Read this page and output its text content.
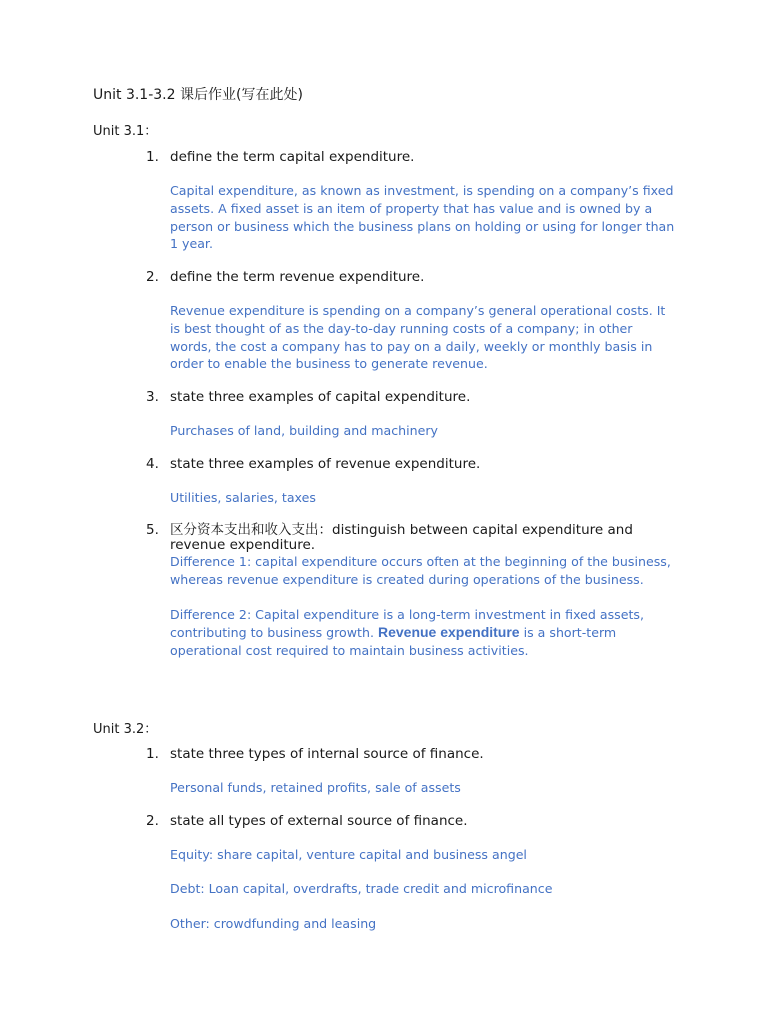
Unit 3.1-3.2 课后作业(写在此处)
Unit 3.1：
1. define the term capital expenditure.

Capital expenditure, as known as investment, is spending on a company’s fixed assets. A fixed asset is an item of property that has value and is owned by a person or business which the business plans on holding or using for longer than 1 year.

2. define the term revenue expenditure.

Revenue expenditure is spending on a company’s general operational costs. It is best thought of as the day-to-day running costs of a company; in other words, the cost a company has to pay on a daily, weekly or monthly basis in order to enable the business to generate revenue.

3. state three examples of capital expenditure.

Purchases of land, building and machinery

4. state three examples of revenue expenditure.

Utilities, salaries, taxes

5. 区分资本支出和收入支出：distinguish between capital expenditure and revenue expenditure.

Difference 1: capital expenditure occurs often at the beginning of the business, whereas revenue expenditure is created during operations of the business.

Difference 2: Capital expenditure is a long-term investment in fixed assets, contributing to business growth. Revenue expenditure is a short-term operational cost required to maintain business activities.

Unit 3.2：
1. state three types of internal source of finance.

Personal funds, retained profits, sale of assets

2. state all types of external source of finance.

Equity: share capital, venture capital and business angel

Debt: Loan capital, overdrafts, trade credit and microfinance

Other: crowdfunding and leasing
